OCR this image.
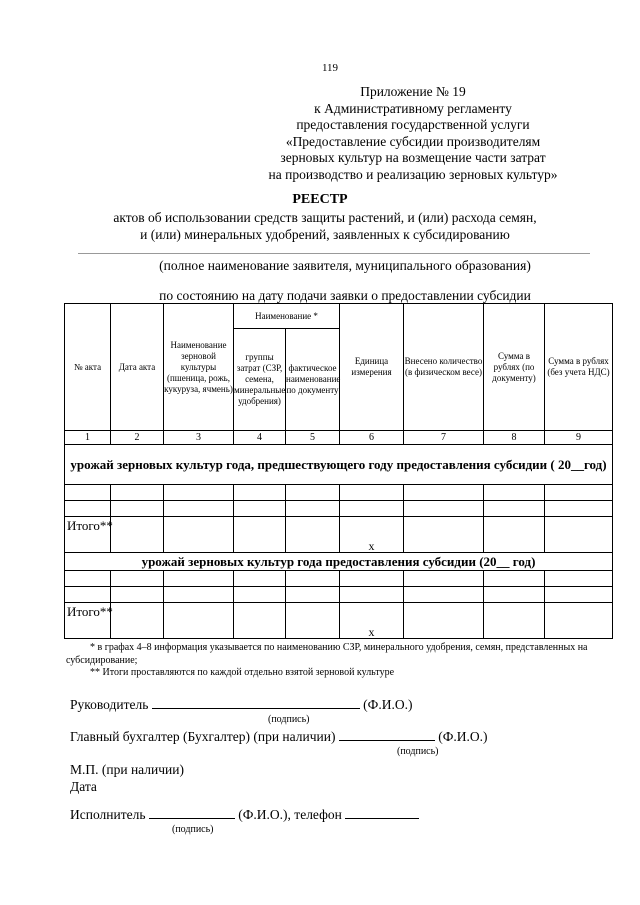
119
Приложение № 19
к Административному регламенту
предоставления государственной услуги
«Предоставление субсидии производителям
зерновых культур на возмещение части затрат
на производство и реализацию зерновых культур»
РЕЕСТР
актов об использовании средств защиты растений, и (или) расхода семян,
и (или) минеральных удобрений, заявленных к субсидированию
(полное наименование заявителя, муниципального образования)
по состоянию на дату подачи заявки о предоставлении субсидии
№ акта	Дата акта	Наименование зерновой культуры (пшеница, рожь, кукуруза, ячмень)	Наименование *		Единица измерения	Внесено количество (в физическом весе)	Сумма в рублях (по документу)	Сумма в рублях (без учета НДС)
			группы затрат (СЗР, семена, минеральные удобрения)	фактическое наименование по документу				
1	2	3	4	5	6	7	8	9
урожай зерновых культур года, предшествующего году предоставления субсидии ( 20__год)								

Итого**					х			
урожай зерновых культур года предоставления субсидии (20__ год)								

Итого**					х			

* в графах 4–8 информация указывается по наименованию СЗР, минерального удобрения, семян, представленных на субсидирование;

** Итоги проставляются по каждой отдельно взятой зерновой культуре

Руководитель	(Ф.И.О.)
(подпись)
Главный бухгалтер (Бухгалтер) (при наличии)	(Ф.И.О.)
(подпись)
М.П. (при наличии)
Дата
Исполнитель	(Ф.И.О.), телефон
(подпись)
